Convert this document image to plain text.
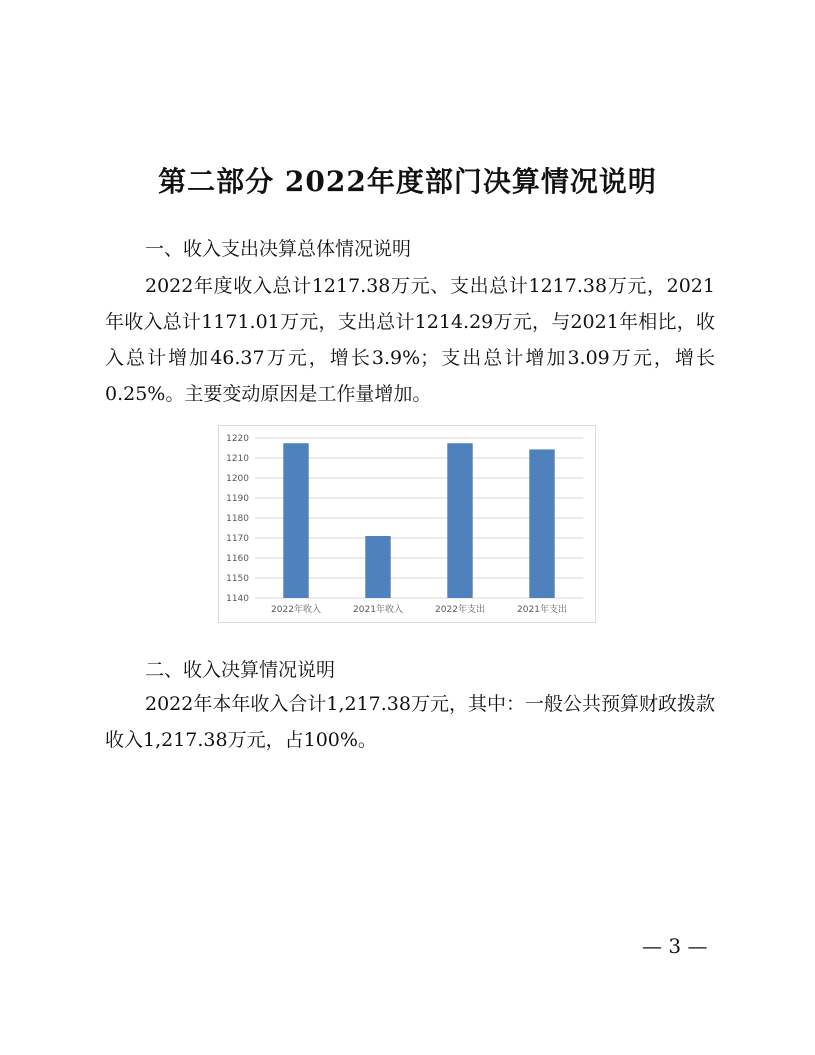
第二部分 2022年度部门决算情况说明
一、收入支出决算总体情况说明

2022年度收入总计1217.38万元、支出总计1217.38万元，2021年收入总计1171.01万元，支出总计1214.29万元，与2021年相比，收入总计增加46.37万元，增长3.9%；支出总计增加3.09万元，增长0.25%。主要变动原因是工作量增加。

1140
1150
1160
1170
1180
1190
1200
1210
1220
2022年收入	2021年收入	2022年支出	2021年支出
二、收入决算情况说明

2022年本年收入合计1,217.38万元，其中：一般公共预算财政拨款收入1,217.38万元，占100%。

— 3 —
